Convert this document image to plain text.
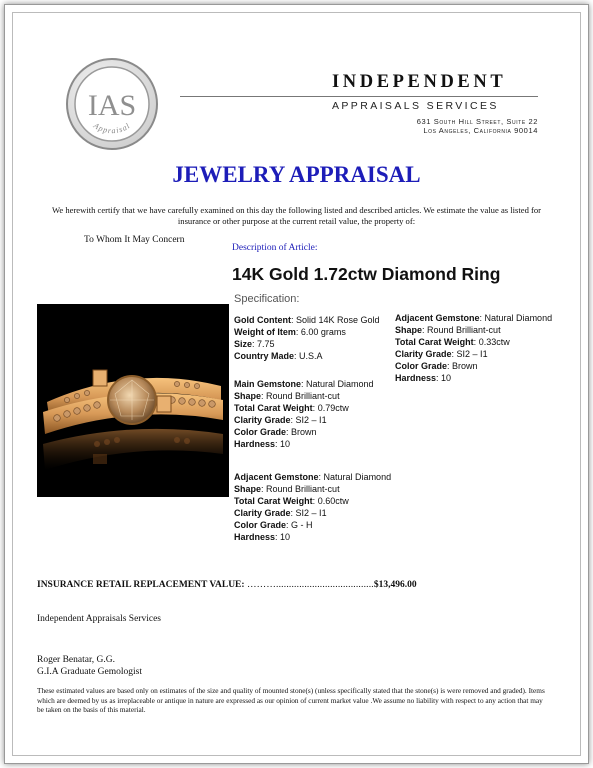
IAS
Appraisal
INDEPENDENT
APPRAISALS SERVICES
631 South Hill Street, Suite 22
Los Angeles, California 90014
JEWELRY APPRAISAL
We herewith certify that we have carefully examined on this day the following listed and described articles. We estimate the value as listed for insurance or other purpose at the current retail value, the property of:
To Whom It May Concern
Description of Article:
14K Gold 1.72ctw Diamond Ring
Specification:
Gold Content: Solid 14K Rose Gold
Weight of Item: 6.00 grams
Size: 7.75
Country Made: U.S.A
Main Gemstone: Natural Diamond
Shape: Round Brilliant-cut
Total Carat Weight: 0.79ctw
Clarity Grade: SI2 – I1
Color Grade: Brown
Hardness: 10
Adjacent Gemstone: Natural Diamond
Shape: Round Brilliant-cut
Total Carat Weight: 0.60ctw
Clarity Grade: SI2 – I1
Color Grade: G - H
Hardness: 10
Adjacent Gemstone: Natural Diamond
Shape: Round Brilliant-cut
Total Carat Weight: 0.33ctw
Clarity Grade: SI2 – I1
Color Grade: Brown
Hardness: 10
INSURANCE RETAIL REPLACEMENT VALUE: ………......................................$13,496.00
Independent Appraisals Services
Roger Benatar, G.G.
G.I.A Graduate Gemologist
These estimated values are based only on estimates of the size and quality of mounted stone(s) (unless specifically stated that the stone(s) is were removed and graded). Items which are deemed by us as irreplaceable or antique in nature are expressed as our opinion of current market value .We assume no liability with respect to any action that may be taken on the basis of this material.
